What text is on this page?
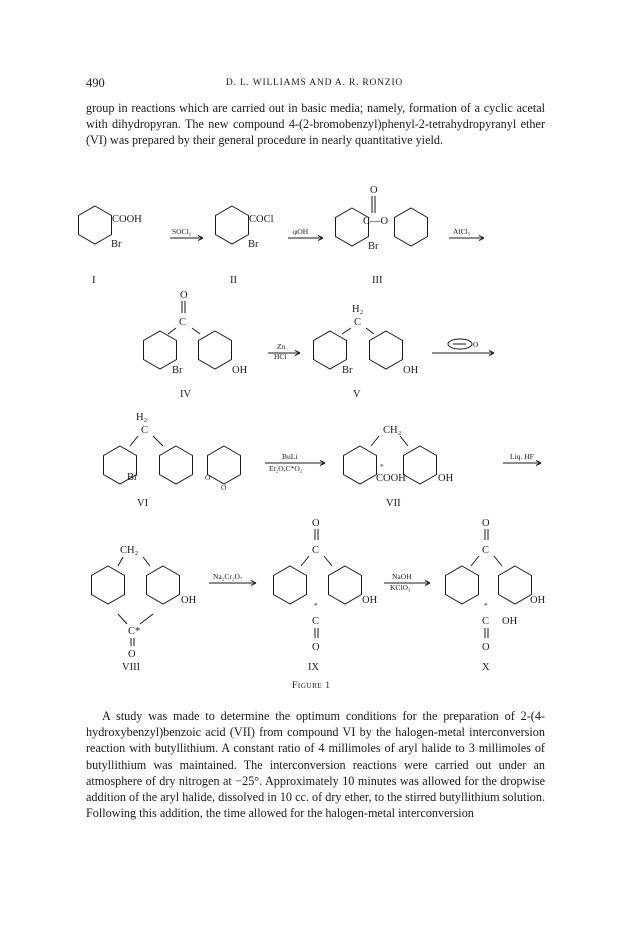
490	D. L. WILLIAMS AND A. R. RONZIO

group in reactions which are carried out in basic media; namely, formation of a cyclic acetal with dihydropyran. The new compound 4-(2-bromobenzyl)phenyl-2-tetrahydropyranyl ether (VI) was prepared by their general procedure in nearly quantitative yield.

COOH
Br
I
SOCl₂
COCl
Br
II
φOH
C—O
O
Br
III
AlCl₃
O
C
Br	OH
IV
Zn
HCl
H₂
C
Br	OH
V
O
H₂
C
Br	O
O
VI
BuLi
Et₂O,C*O₂
CH₂
*
COOH	OH
VII
Liq. HF
CH₂
C*
O
OH
VIII
Na₂Cr₂O₇
O
C
*
C
O
OH
IX
NaOH
KClO₃
O
C
*
C
O
OH
OH
X
Figure 1

A study was made to determine the optimum conditions for the preparation of 2-(4-hydroxybenzyl)benzoic acid (VII) from compound VI by the halogen-metal interconversion reaction with butyllithium. A constant ratio of 4 millimoles of aryl halide to 3 millimoles of butyllithium was maintained. The interconversion reactions were carried out under an atmosphere of dry nitrogen at −25°. Approximately 10 minutes was allowed for the dropwise addition of the aryl halide, dissolved in 10 cc. of dry ether, to the stirred butyllithium solution. Following this addition, the time allowed for the halogen-metal interconversion
